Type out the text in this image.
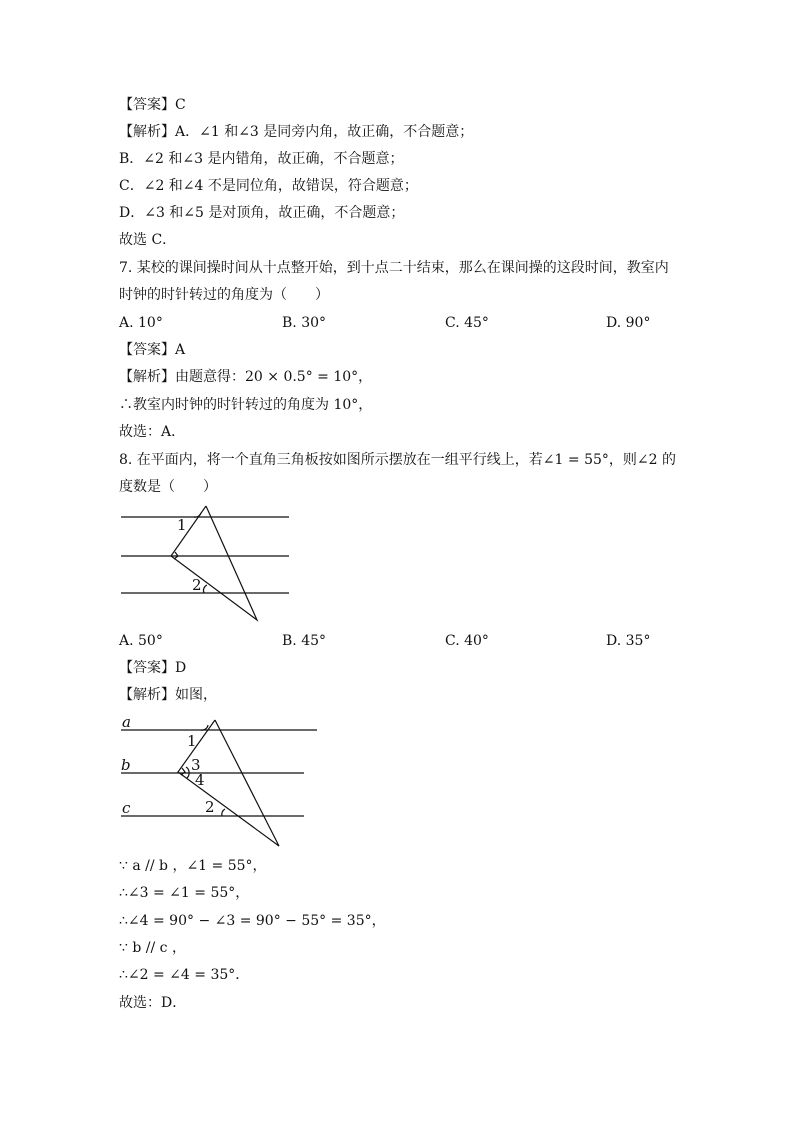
【答案】C
【解析】A．∠1 和∠3 是同旁内角，故正确，不合题意；
B．∠2 和∠3 是内错角，故正确，不合题意；
C．∠2 和∠4 不是同位角，故错误，符合题意；
D．∠3 和∠5 是对顶角，故正确，不合题意；
故选 C．
7. 某校的课间操时间从十点整开始，到十点二十结束，那么在课间操的这段时间，教室内
时钟的时针转过的角度为（　　）
A. 10°	B. 30°	C. 45°	D. 90°
【答案】A
【解析】由题意得：20 × 0.5° = 10°，
∴教室内时钟的时针转过的角度为 10°，
故选：A．
8. 在平面内，将一个直角三角板按如图所示摆放在一组平行线上，若∠1 = 55°，则∠2 的
度数是（　　）
1
2
A. 50°	B. 45°	C. 40°	D. 35°
【答案】D
【解析】如图，
a
b
c
1
3
4
2
∵ a // b ，∠1 = 55°，
∴∠3 = ∠1 = 55°，
∴∠4 = 90° − ∠3 = 90° − 55° = 35°，
∵ b // c ，
∴∠2 = ∠4 = 35°．
故选：D．
